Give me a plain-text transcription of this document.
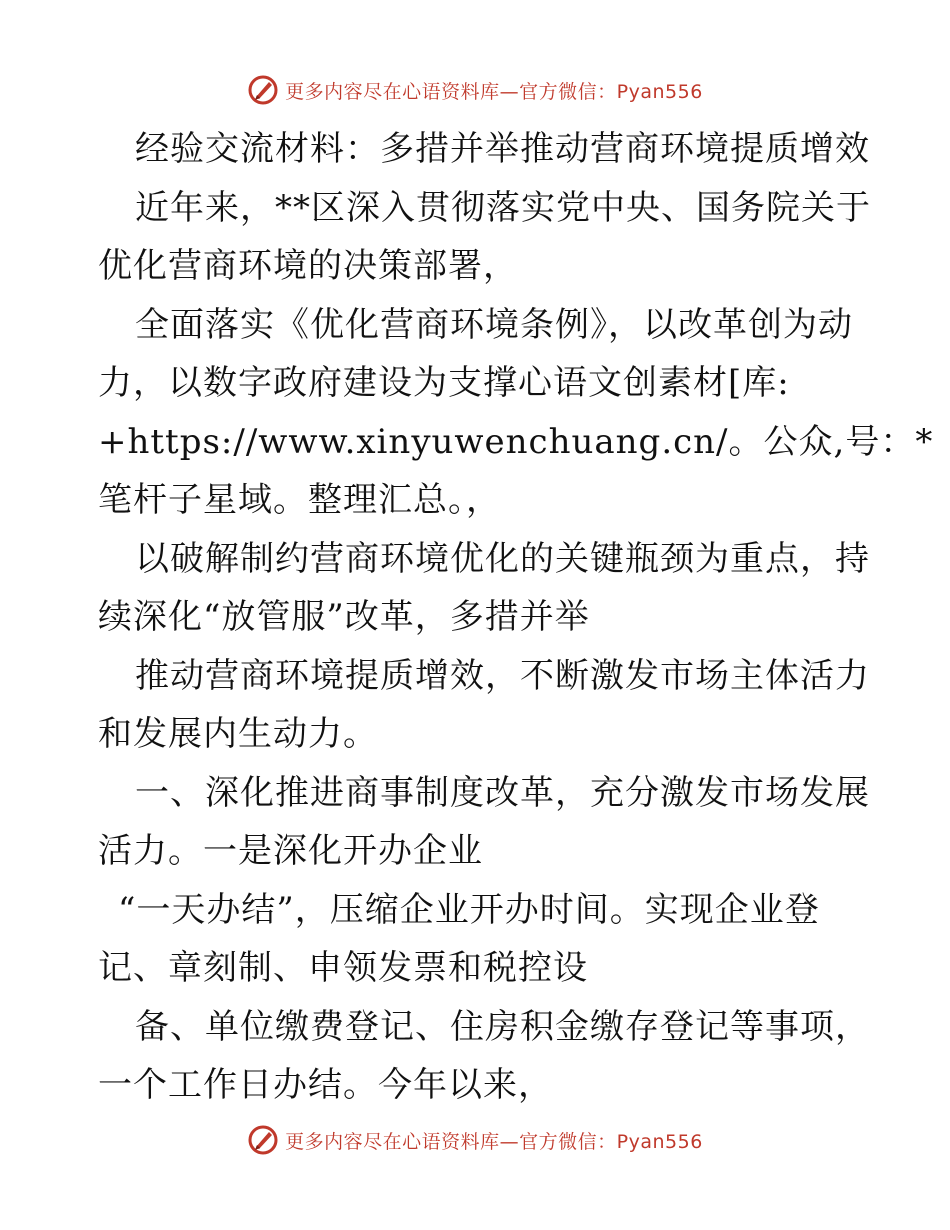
更多内容尽在心语资料库—官方微信：Pyan556
经验交流材料：多措并举推动营商环境提质增效
近年来，**区深入贯彻落实党中央、国务院关于
优化营商环境的决策部署，
全面落实《优化营商环境条例》，以改革创为动
力，以数字政府建设为支撑心语文创素材[库:
+https://www.xinyuwenchuang.cn/。公众,号：*
笔杆子星域。整理汇总。，
以破解制约营商环境优化的关键瓶颈为重点，持
续深化“放管服”改革，多措并举
推动营商环境提质增效，不断激发市场主体活力
和发展内生动力。
一、深化推进商事制度改革，充分激发市场发展
活力。一是深化开办企业
“一天办结”，压缩企业开办时间。实现企业登
记、章刻制、申领发票和税控设
备、单位缴费登记、住房积金缴存登记等事项，
一个工作日办结。今年以来，
更多内容尽在心语资料库—官方微信：Pyan556
